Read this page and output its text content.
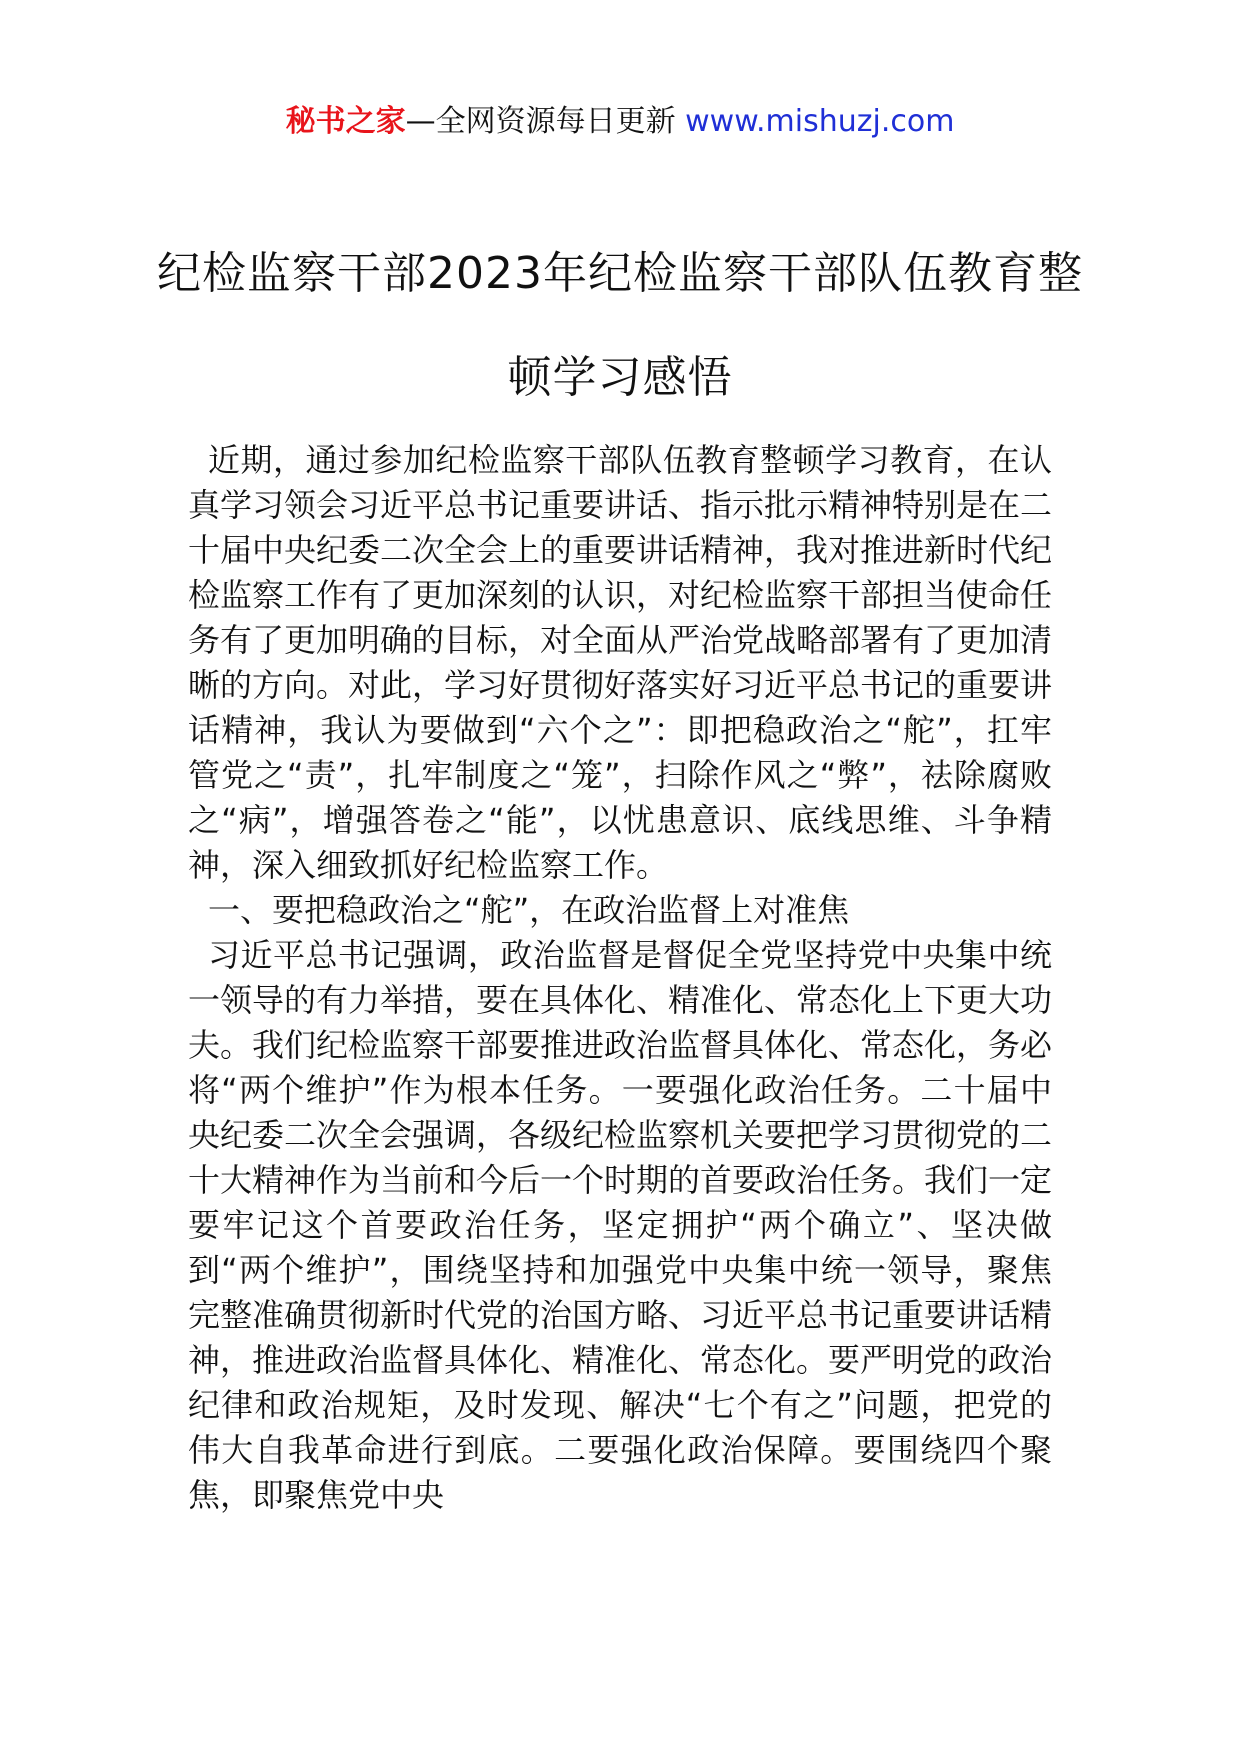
秘书之家—全网资源每日更新 www.mishuzj.com
纪检监察干部2023年纪检监察干部队伍教育整顿学习感悟

近期，通过参加纪检监察干部队伍教育整顿学习教育，在认真学习领会习近平总书记重要讲话、指示批示精神特别是在二十届中央纪委二次全会上的重要讲话精神，我对推进新时代纪检监察工作有了更加深刻的认识，对纪检监察干部担当使命任务有了更加明确的目标，对全面从严治党战略部署有了更加清晰的方向。对此，学习好贯彻好落实好习近平总书记的重要讲话精神，我认为要做到“六个之”：即把稳政治之“舵”，扛牢管党之“责”，扎牢制度之“笼”，扫除作风之“弊”，祛除腐败之“病”，增强答卷之“能”，以忧患意识、底线思维、斗争精神，深入细致抓好纪检监察工作。

一、要把稳政治之“舵”，在政治监督上对准焦

习近平总书记强调，政治监督是督促全党坚持党中央集中统一领导的有力举措，要在具体化、精准化、常态化上下更大功夫。我们纪检监察干部要推进政治监督具体化、常态化，务必将“两个维护”作为根本任务。一要强化政治任务。二十届中央纪委二次全会强调，各级纪检监察机关要把学习贯彻党的二十大精神作为当前和今后一个时期的首要政治任务。我们一定要牢记这个首要政治任务，坚定拥护“两个确立”、坚决做到“两个维护”，围绕坚持和加强党中央集中统一领导，聚焦完整准确贯彻新时代党的治国方略、习近平总书记重要讲话精神，推进政治监督具体化、精准化、常态化。要严明党的政治纪律和政治规矩，及时发现、解决“七个有之”问题，把党的伟大自我革命进行到底。二要强化政治保障。要围绕四个聚焦，即聚焦党中央
